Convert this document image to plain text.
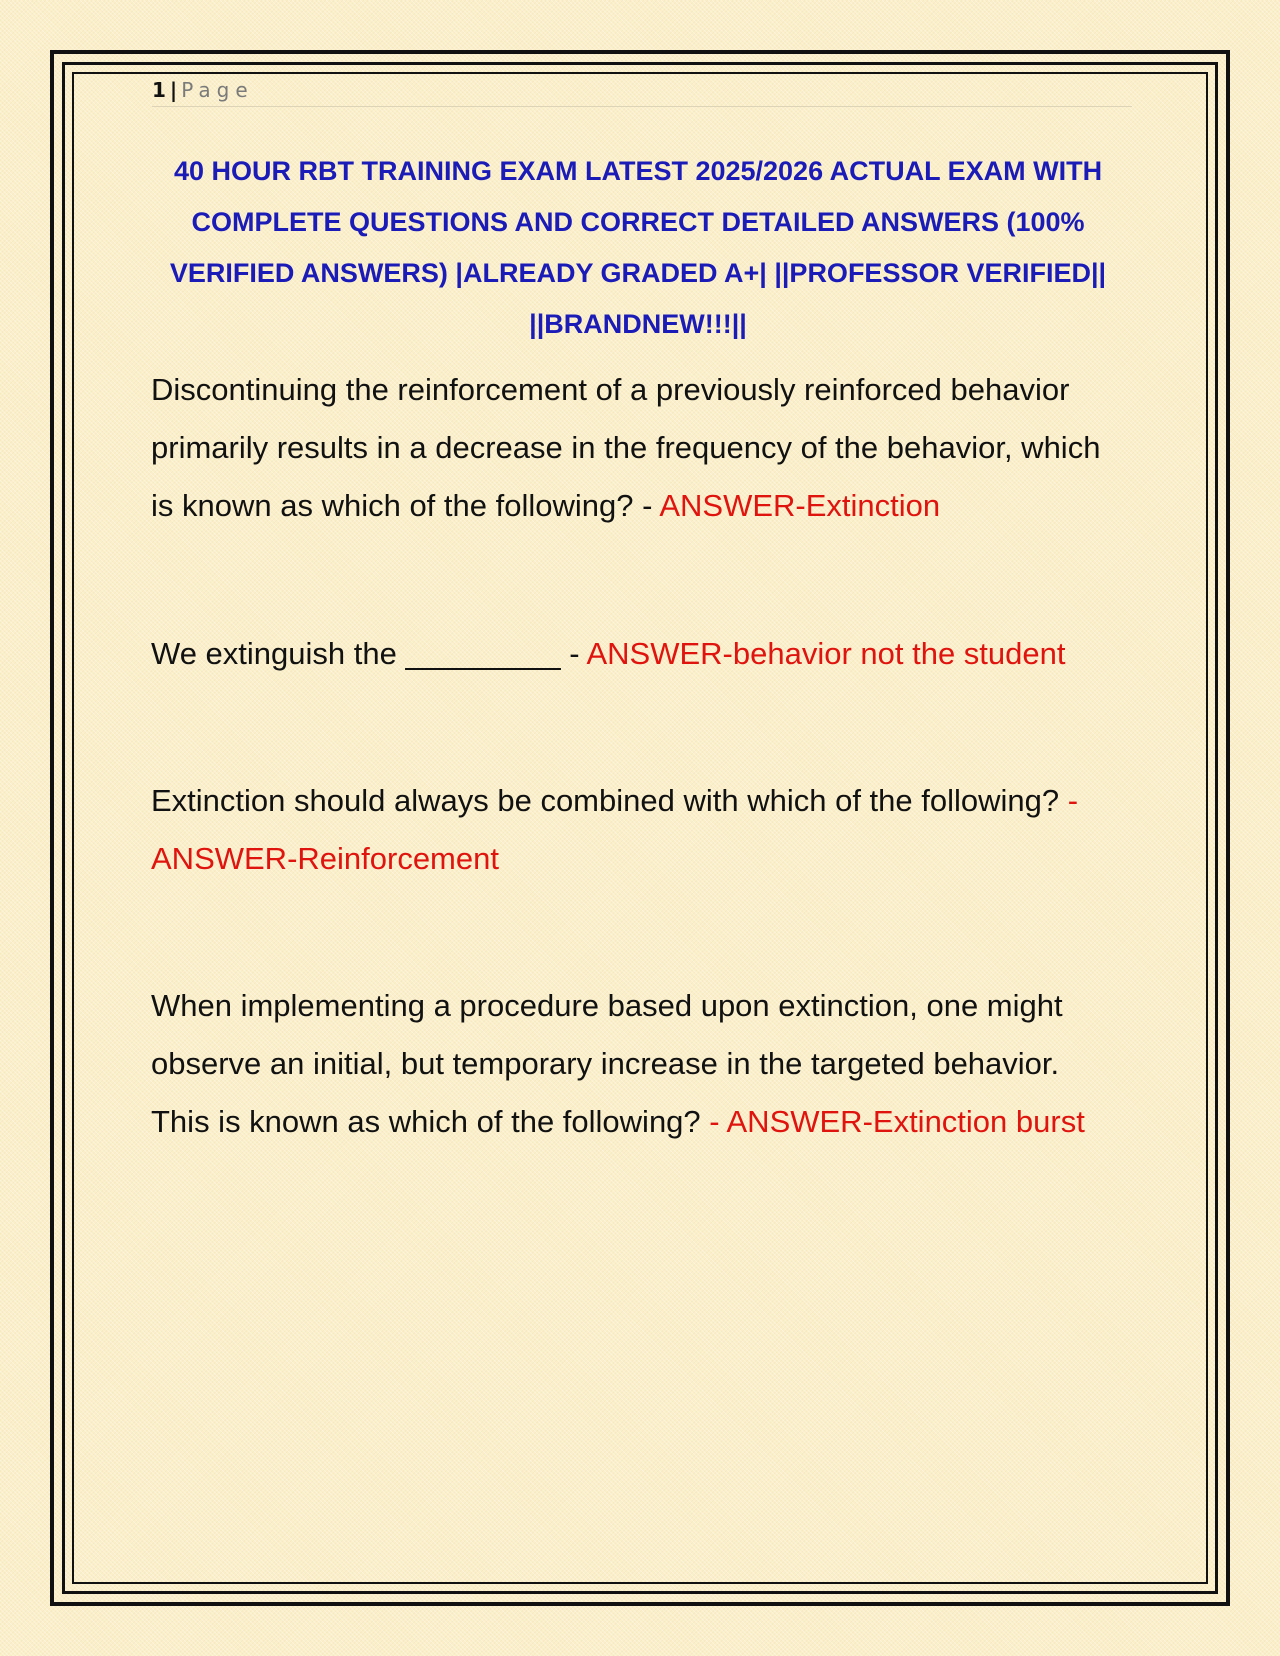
1 | Page
40 HOUR RBT TRAINING EXAM LATEST 2025/2026 ACTUAL EXAM WITH COMPLETE QUESTIONS AND CORRECT DETAILED ANSWERS (100% VERIFIED ANSWERS) |ALREADY GRADED A+| ||PROFESSOR VERIFIED|| ||BRANDNEW!!!||

Discontinuing the reinforcement of a previously reinforced behavior primarily results in a decrease in the frequency of the behavior, which is known as which of the following? - ANSWER-Extinction

We extinguish the _________ - ANSWER-behavior not the student

Extinction should always be combined with which of the following? - ANSWER-Reinforcement

When implementing a procedure based upon extinction, one might observe an initial, but temporary increase in the targeted behavior. This is known as which of the following? - ANSWER-Extinction burst
